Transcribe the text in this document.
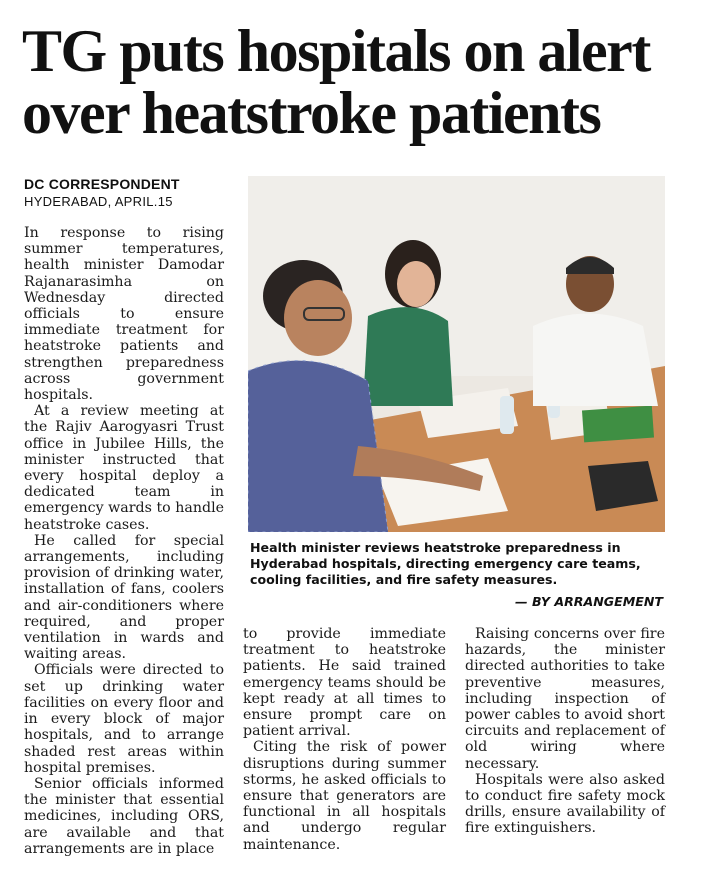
TG puts hospitals on alert over heatstroke patients
DC CORRESPONDENT
HYDERABAD, APRIL.15

In response to rising summer temperatures, health minister Damodar Rajanarasimha on Wednesday directed officials to ensure immediate treatment for heatstroke patients and strengthen preparedness across government hospitals.

At a review meeting at the Rajiv Aarogyasri Trust office in Jubilee Hills, the minister instructed that every hospital deploy a dedicated team in emergency wards to handle heatstroke cases.

He called for special arrangements, including provision of drinking water, installation of fans, coolers and air-conditioners where required, and proper ventilation in wards and waiting areas.

Officials were directed to set up drinking water facilities on every floor and in every block of major hospitals, and to arrange shaded rest areas within hospital premises.

Senior officials informed the minister that essential medicines, including ORS, are available and that arrangements are in place

Health minister reviews heatstroke preparedness in Hyderabad hospitals, directing emergency care teams, cooling facilities, and fire safety measures.

— BY ARRANGEMENT

to provide immediate treatment to heatstroke patients. He said trained emergency teams should be kept ready at all times to ensure prompt care on patient arrival.

Citing the risk of power disruptions during summer storms, he asked officials to ensure that generators are functional in all hospitals and undergo regular maintenance.

Raising concerns over fire hazards, the minister directed authorities to take preventive measures, including inspection of power cables to avoid short circuits and replacement of old wiring where necessary.

Hospitals were also asked to conduct fire safety mock drills, ensure availability of fire extinguishers.
